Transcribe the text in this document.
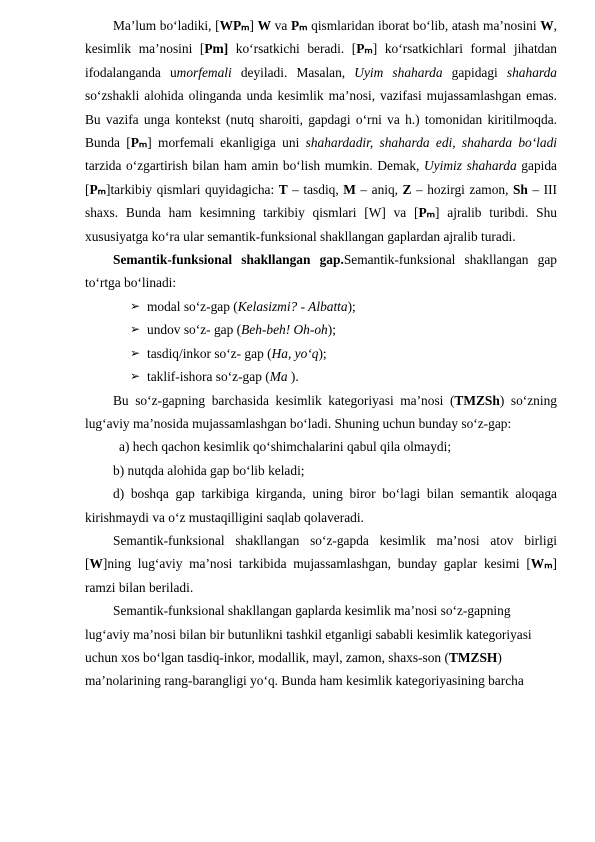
Ma’lum bo‘ladiki, [WPₘ] W va Pₘ qismlaridan iborat bo‘lib, atash ma’nosini W, kesimlik ma’nosini [Pm] ko‘rsatkichi beradi. [Pₘ] ko‘rsatkichlari formal jihatdan ifodalanganda umorfemali deyiladi. Masalan, Uyim shaharda gapidagi shaharda so‘zshakli alohida olinganda unda kesimlik ma’nosi, vazifasi mujassamlashgan emas. Bu vazifa unga kontekst (nutq sharoiti, gapdagi o‘rni va h.) tomonidan kiritilmoqda. Bunda [Pₘ] morfemali ekanligiga uni shahardadir, shaharda edi, shaharda bo‘ladi tarzida o‘zgartirish bilan ham amin bo‘lish mumkin. Demak, Uyimiz shaharda gapida [Pₘ]tarkibiy qismlari quyidagicha: T – tasdiq, M – aniq, Z – hozirgi zamon, Sh – III shaxs. Bunda ham kesimning tarkibiy qismlari [W] va [Pₘ] ajralib turibdi. Shu xususiyatga ko‘ra ular semantik-funksional shakllangan gaplardan ajralib turadi.

Semantik-funksional shakllangan gap.Semantik-funksional shakllangan gap to‘rtga bo‘linadi:

➢ modal so‘z-gap (Kelasizmi? - Albatta);
➢ undov so‘z- gap (Beh-beh! Oh-oh);
➢ tasdiq/inkor so‘z- gap (Ha, yo‘q);
➢ taklif-ishora so‘z-gap (Ma ).

Bu so‘z-gapning barchasida kesimlik kategoriyasi ma’nosi (TMZSh) so‘zning lug‘aviy ma’nosida mujassamlashgan bo‘ladi. Shuning uchun bunday so‘z-gap:

a) hech qachon kesimlik qo‘shimchalarini qabul qila olmaydi;

b) nutqda alohida gap bo‘lib keladi;

d) boshqa gap tarkibiga kirganda, uning biror bo‘lagi bilan semantik aloqaga kirishmaydi va o‘z mustaqilligini saqlab qolaveradi.

Semantik-funksional shakllangan so‘z-gapda kesimlik ma’nosi atov birligi [W]ning lug‘aviy ma’nosi tarkibida mujassamlashgan, bunday gaplar kesimi [Wₘ] ramzi bilan beriladi.

Semantik-funksional shakllangan gaplarda kesimlik ma’nosi so‘z-gapning lug‘aviy ma’nosi bilan bir butunlikni tashkil etganligi sababli kesimlik kategoriyasi uchun xos bo‘lgan tasdiq-inkor, modallik, mayl, zamon, shaxs-son (TMZSH) ma’nolarining rang-barangligi yo‘q. Bunda ham kesimlik kategoriyasining barcha
